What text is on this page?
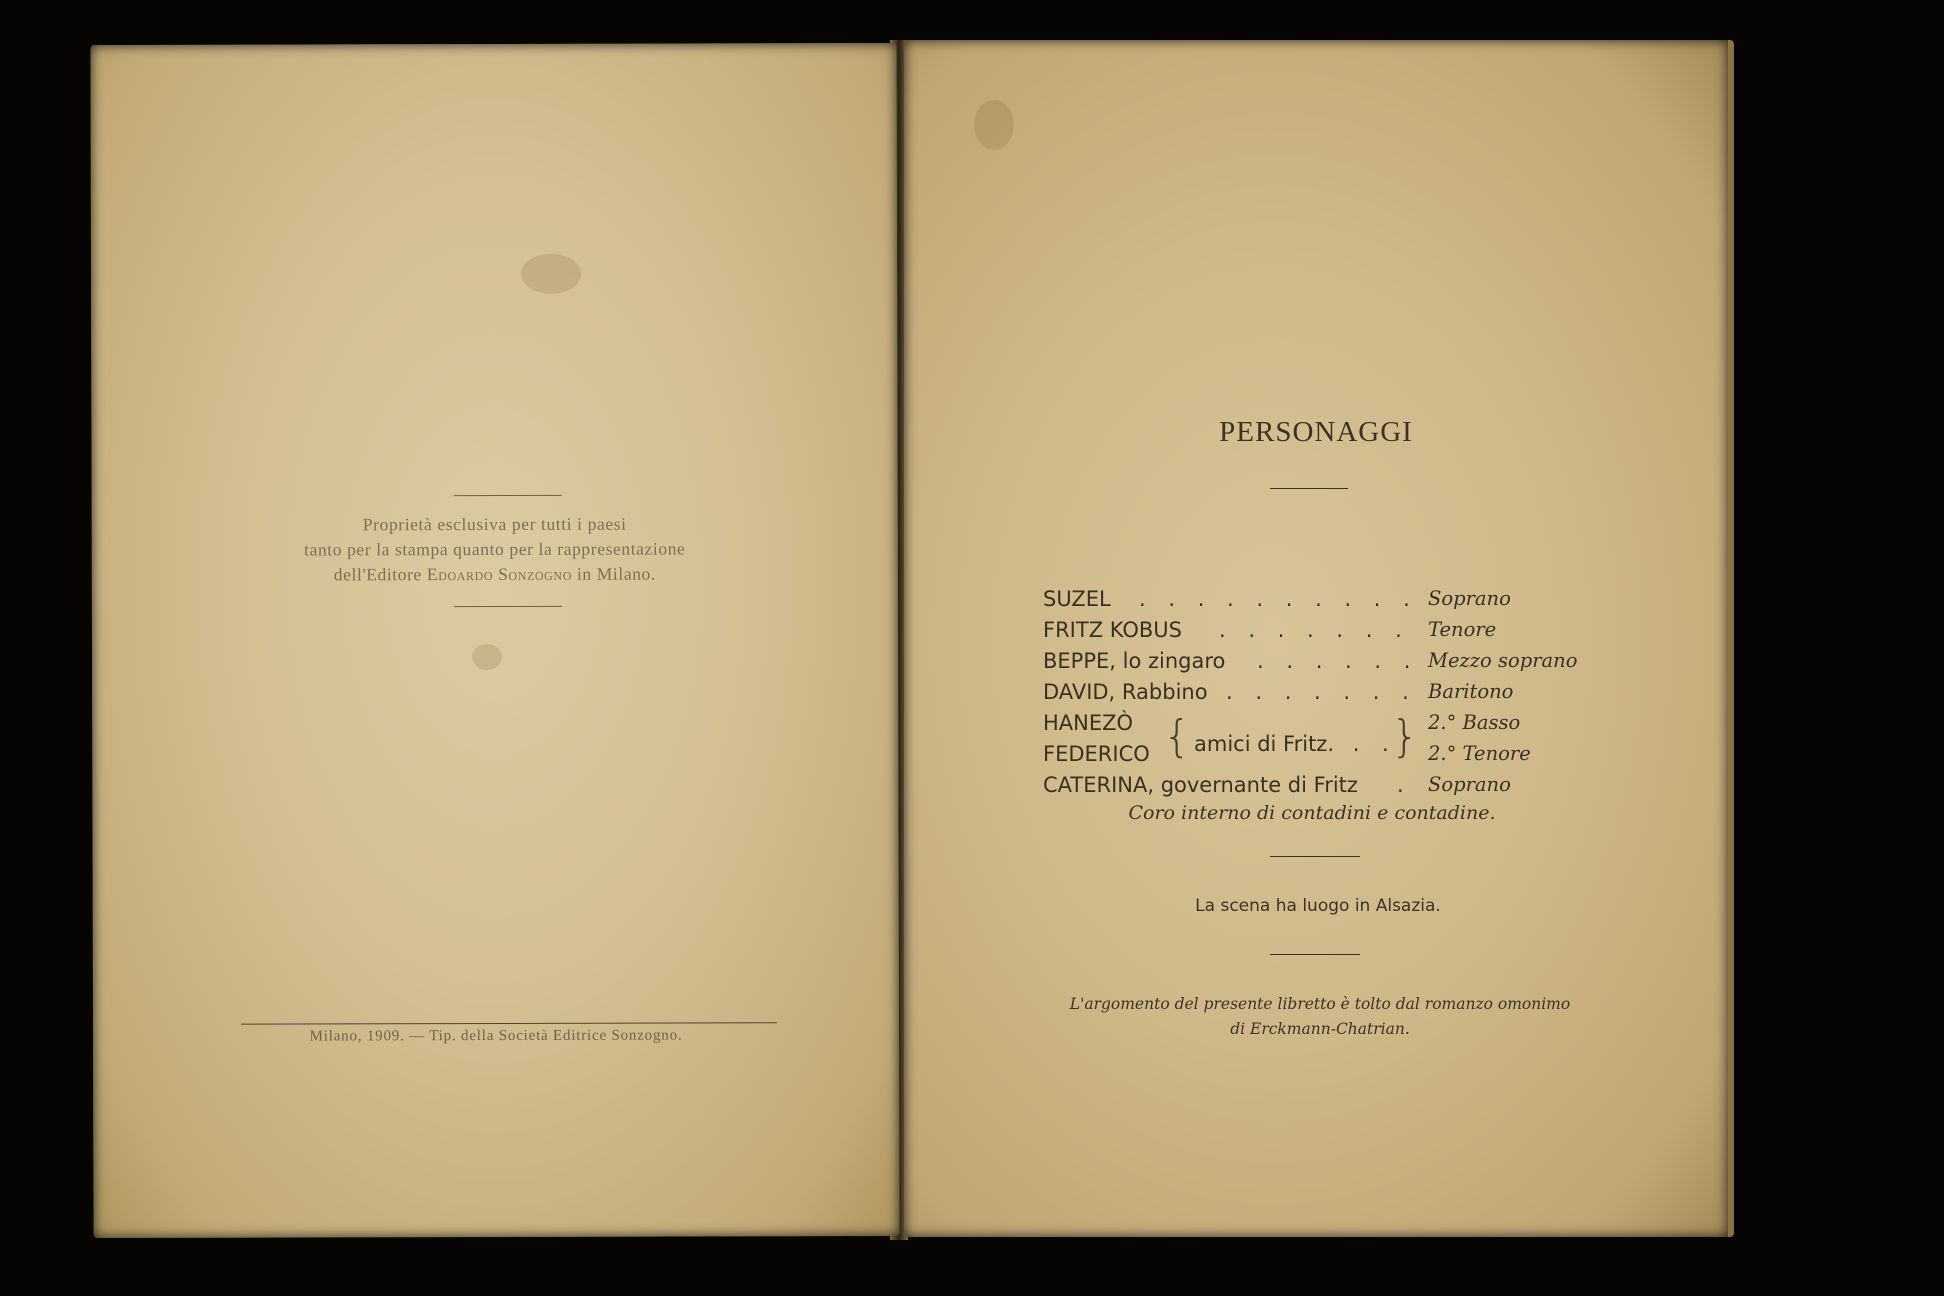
Proprietà esclusiva per tutti i paesi
tanto per la stampa quanto per la rappresentazione
dell'Editore Edoardo Sonzogno in Milano.
Milano, 1909. — Tip. della Società Editrice Sonzogno.
PERSONAGGI
SUZEL . . . . . . . . . . Soprano
FRITZ KOBUS . . . . . . . Tenore
BEPPE, lo zingaro . . . . . . Mezzo soprano
DAVID, Rabbino . . . . . . . Baritono
HANEZÒ	2.° Basso
FEDERICO	2.° Tenore
{ amici di Fritz. . .
}
CATERINA, governante di Fritz . Soprano
Coro interno di contadini e contadine.
La scena ha luogo in Alsazia.
L'argomento del presente libretto è tolto dal romanzo omonimo
di Erckmann-Chatrian.
